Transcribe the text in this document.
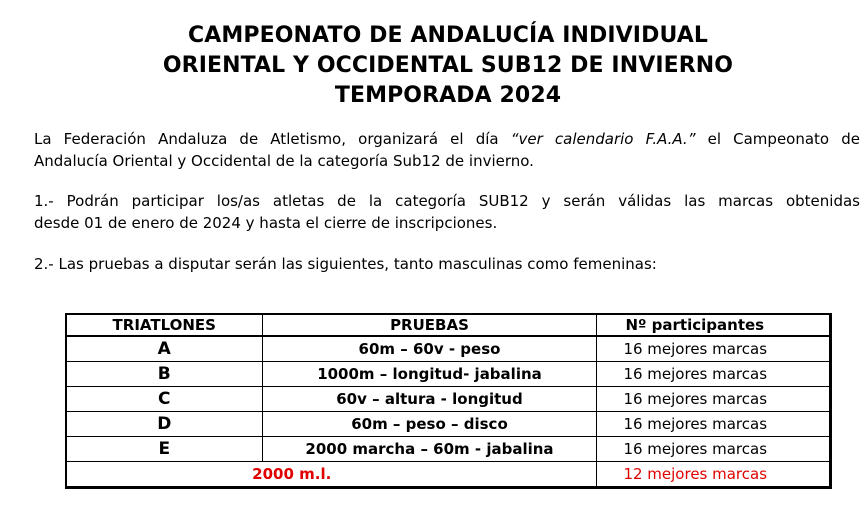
CAMPEONATO DE ANDALUCÍA INDIVIDUAL
ORIENTAL Y OCCIDENTAL SUB12 DE INVIERNO
TEMPORADA 2024
La Federación Andaluza de Atletismo, organizará el día “ver calendario F.A.A.” el Campeonato de
Andalucía Oriental y Occidental de la categoría Sub12 de invierno.
1.- Podrán participar los/as atletas de la categoría SUB12 y serán válidas las marcas obtenidas
desde 01 de enero de 2024 y hasta el cierre de inscripciones.
2.- Las pruebas a disputar serán las siguientes, tanto masculinas como femeninas:
TRIATLONES	PRUEBAS	Nº participantes
A	60m – 60v - peso	16 mejores marcas
B	1000m – longitud- jabalina	16 mejores marcas
C	60v – altura - longitud	16 mejores marcas
D	60m – peso – disco	16 mejores marcas
E	2000 marcha – 60m - jabalina	16 mejores marcas
2000 m.l.		12 mejores marcas
